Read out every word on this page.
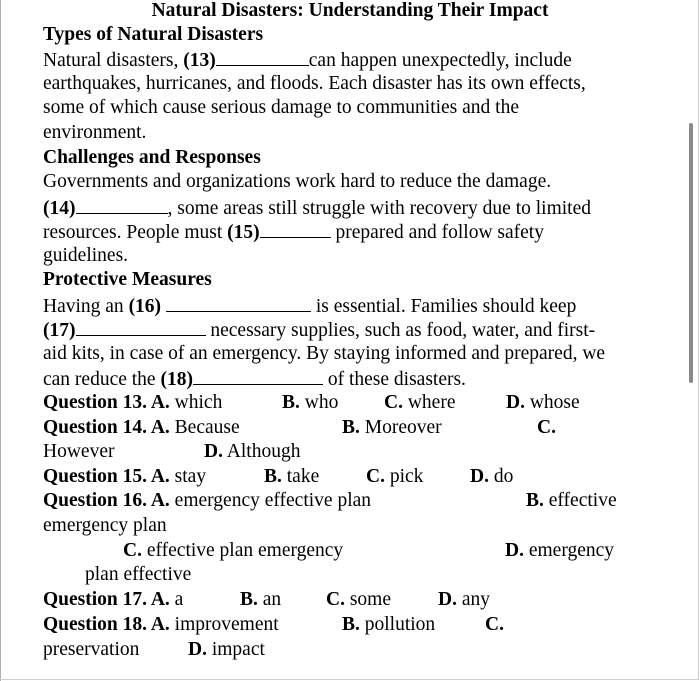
Natural Disasters: Understanding Their Impact
Types of Natural Disasters
Natural disasters, (13)	can happen unexpectedly, include
earthquakes, hurricanes, and floods. Each disaster has its own effects,
some of which cause serious damage to communities and the
environment.
Challenges and Responses
Governments and organizations work hard to reduce the damage.
(14)	, some areas still struggle with recovery due to limited
resources. People must (15)	prepared and follow safety
guidelines.
Protective Measures
Having an (16)	is essential. Families should keep
(17)	necessary supplies, such as food, water, and first-
aid kits, in case of an emergency. By staying informed and prepared, we
can reduce the (18)	of these disasters.
Question 13. A. which	B. who C. where	D. whose
Question 14. A. Because	B. Moreover	C.
However	D. Although
Question 15. A. stay	B. take C. pick D. do
Question 16. A. emergency effective plan	B. effective
emergency plan
C. effective plan emergency	D. emergency
plan effective
Question 17. A. a	B. an C. some D. any
Question 18. A. improvement	B. pollution	C.
preservation D. impact
